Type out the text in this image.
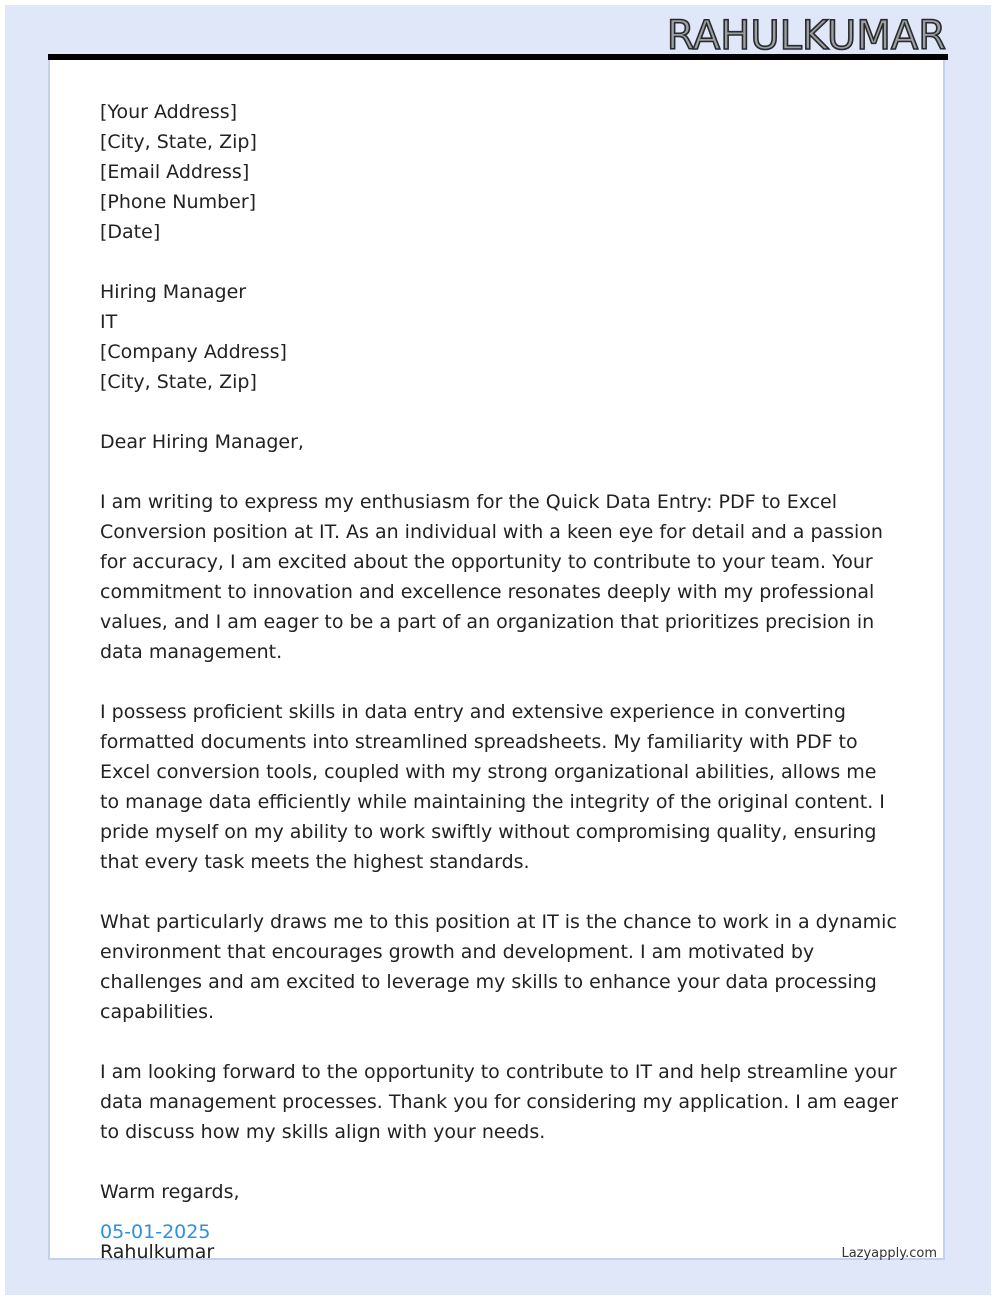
RAHULKUMAR
[Your Address]
[City, State, Zip]
[Email Address]
[Phone Number]
[Date]
Hiring Manager
IT
[Company Address]
[City, State, Zip]
Dear Hiring Manager,

I am writing to express my enthusiasm for the Quick Data Entry: PDF to Excel Conversion position at IT. As an individual with a keen eye for detail and a passion for accuracy, I am excited about the opportunity to contribute to your team. Your commitment to innovation and excellence resonates deeply with my professional values, and I am eager to be a part of an organization that prioritizes precision in data management.

I possess proficient skills in data entry and extensive experience in converting formatted documents into streamlined spreadsheets. My familiarity with PDF to Excel conversion tools, coupled with my strong organizational abilities, allows me to manage data efficiently while maintaining the integrity of the original content. I pride myself on my ability to work swiftly without compromising quality, ensuring that every task meets the highest standards.

What particularly draws me to this position at IT is the chance to work in a dynamic environment that encourages growth and development. I am motivated by challenges and am excited to leverage my skills to enhance your data processing capabilities.

I am looking forward to the opportunity to contribute to IT and help streamline your data management processes. Thank you for considering my application. I am eager to discuss how my skills align with your needs.

Warm regards,
Rahulkumar
05-01-2025
Lazyapply.com
